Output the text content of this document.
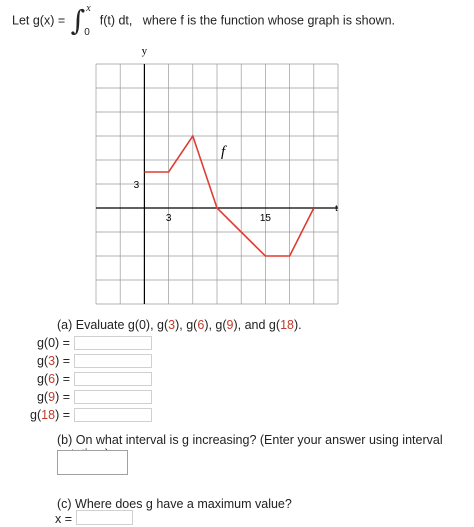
Let g(x) = ∫ x
0
f(t) dt, where f is the function whose graph is shown.
3	15
3
f
y
t
(a) Evaluate g(0), g(3), g(6), g(9), and g(18).
g(0) =
g(3) =
g(6) =
g(9) =
g(18) =
(b) On what interval is g increasing? (Enter your answer using interval
(c) Where does g have a maximum value?
x =
